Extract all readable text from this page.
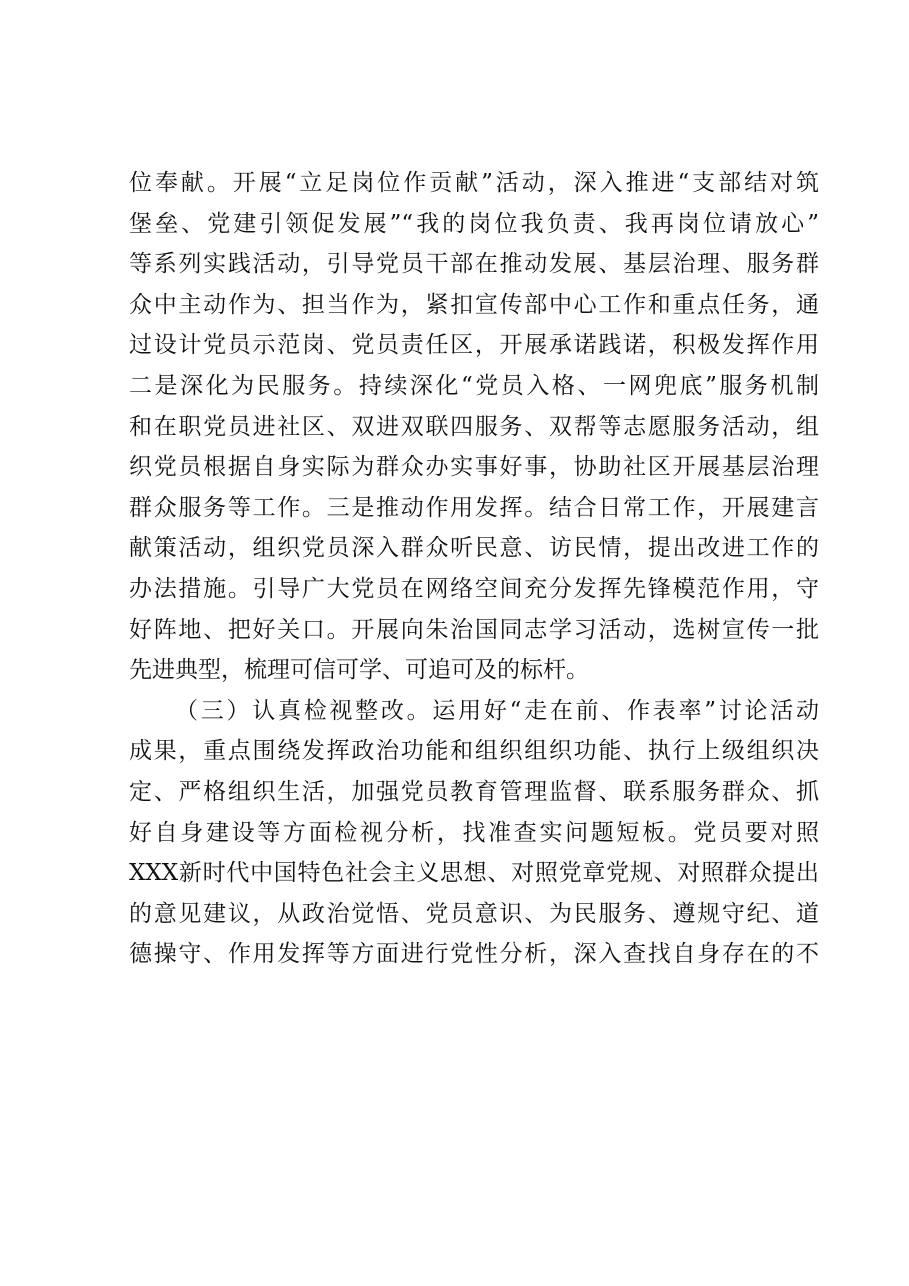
位奉献。开展“立足岗位作贡献”活动，深入推进“支部结对筑
堡垒、党建引领促发展”“我的岗位我负责、我再岗位请放心”
等系列实践活动，引导党员干部在推动发展、基层治理、服务群
众中主动作为、担当作为，紧扣宣传部中心工作和重点任务，通
过设计党员示范岗、党员责任区，开展承诺践诺，积极发挥作用
二是深化为民服务。持续深化“党员入格、一网兜底”服务机制
和在职党员进社区、双进双联四服务、双帮等志愿服务活动，组
织党员根据自身实际为群众办实事好事，协助社区开展基层治理
群众服务等工作。三是推动作用发挥。结合日常工作，开展建言
献策活动，组织党员深入群众听民意、访民情，提出改进工作的
办法措施。引导广大党员在网络空间充分发挥先锋模范作用，守
好阵地、把好关口。开展向朱治国同志学习活动，选树宣传一批
先进典型，梳理可信可学、可追可及的标杆。
（三）认真检视整改。运用好“走在前、作表率”讨论活动
成果，重点围绕发挥政治功能和组织组织功能、执行上级组织决
定、严格组织生活，加强党员教育管理监督、联系服务群众、抓
好自身建设等方面检视分析，找准查实问题短板。党员要对照
XXX新时代中国特色社会主义思想、对照党章党规、对照群众提出
的意见建议，从政治觉悟、党员意识、为民服务、遵规守纪、道
德操守、作用发挥等方面进行党性分析，深入查找自身存在的不
